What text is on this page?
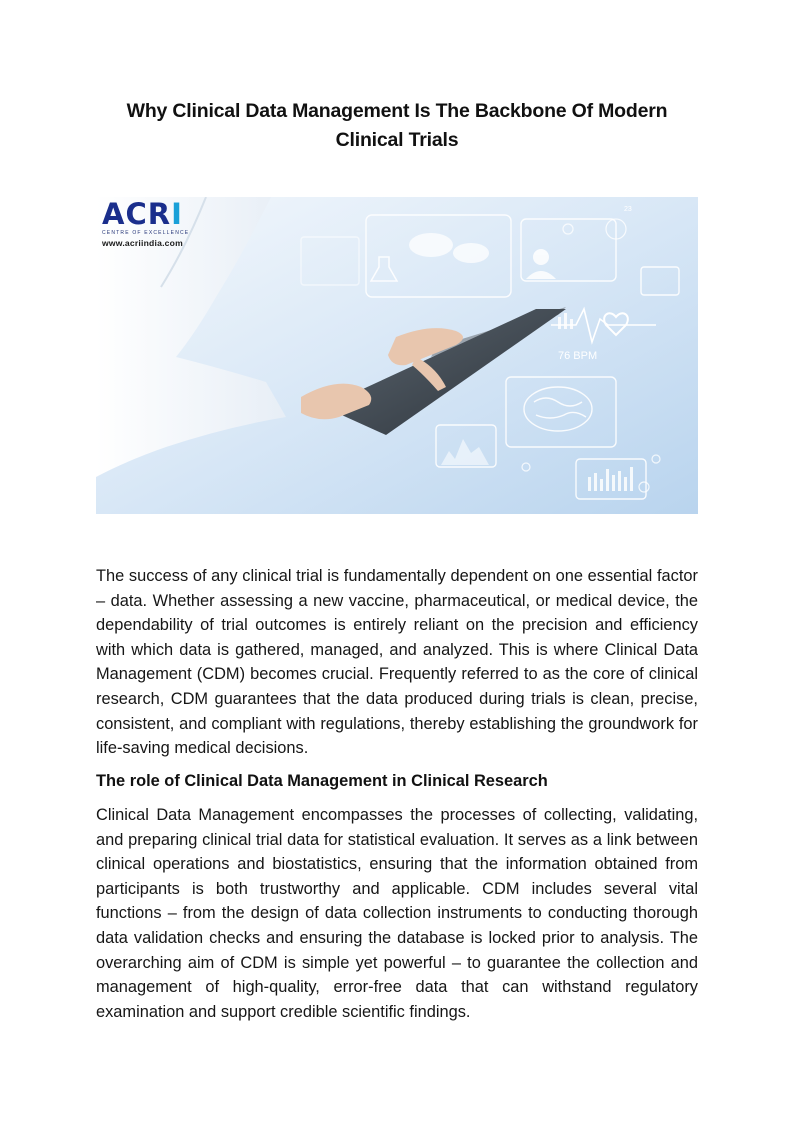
Why Clinical Data Management Is The Backbone Of Modern Clinical Trials
76 BPM
23
ACRI
CENTRE OF EXCELLENCE
www.acriindia.com

The success of any clinical trial is fundamentally dependent on one essential factor – data. Whether assessing a new vaccine, pharmaceutical, or medical device, the dependability of trial outcomes is entirely reliant on the precision and efficiency with which data is gathered, managed, and analyzed. This is where Clinical Data Management (CDM) becomes crucial. Frequently referred to as the core of clinical research, CDM guarantees that the data produced during trials is clean, precise, consistent, and compliant with regulations, thereby establishing the groundwork for life-saving medical decisions.

The role of Clinical Data Management in Clinical Research

Clinical Data Management encompasses the processes of collecting, validating, and preparing clinical trial data for statistical evaluation. It serves as a link between clinical operations and biostatistics, ensuring that the information obtained from participants is both trustworthy and applicable. CDM includes several vital functions – from the design of data collection instruments to conducting thorough data validation checks and ensuring the database is locked prior to analysis. The overarching aim of CDM is simple yet powerful – to guarantee the collection and management of high-quality, error-free data that can withstand regulatory examination and support credible scientific findings.
